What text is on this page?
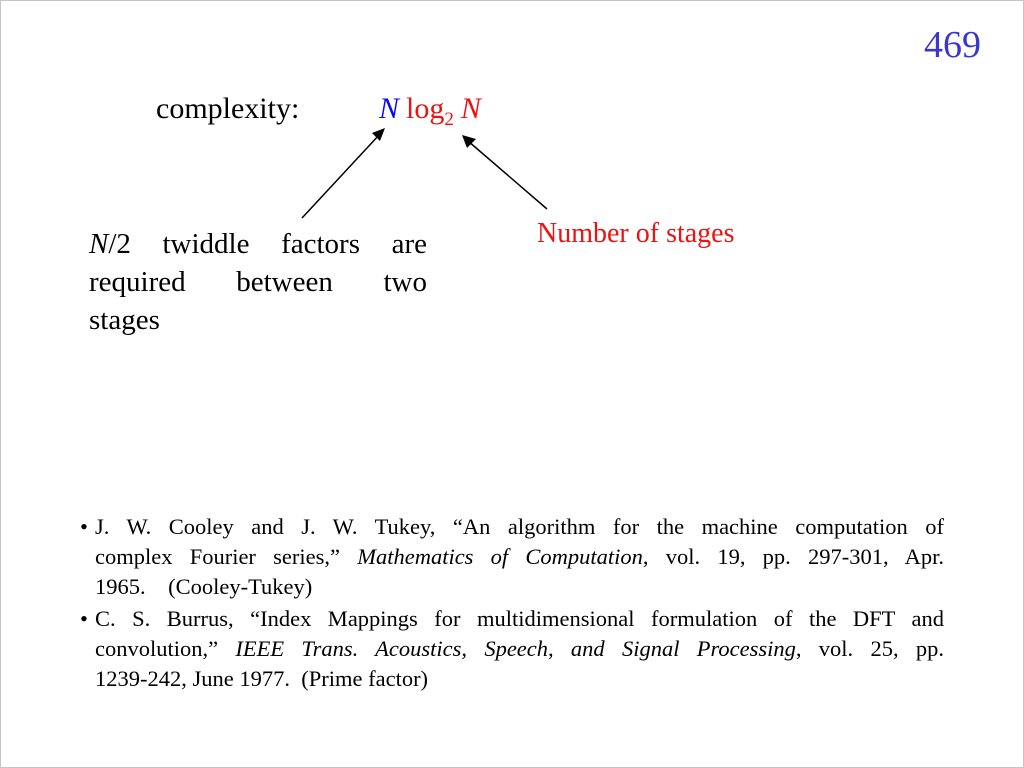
469
complexity:	N $\log_2 N$
N/2 twiddle factors are
required between two
stages
Number of stages
• J. W. Cooley and J. W. Tukey, “An algorithm for the machine computation of
complex Fourier series,” Mathematics of Computation, vol. 19, pp. 297-301, Apr.
1965.    (Cooley-Tukey)
• C. S. Burrus, “Index Mappings for multidimensional formulation of the DFT and
convolution,” IEEE Trans. Acoustics, Speech, and Signal Processing, vol. 25, pp.
1239-242, June 1977.  (Prime factor)
